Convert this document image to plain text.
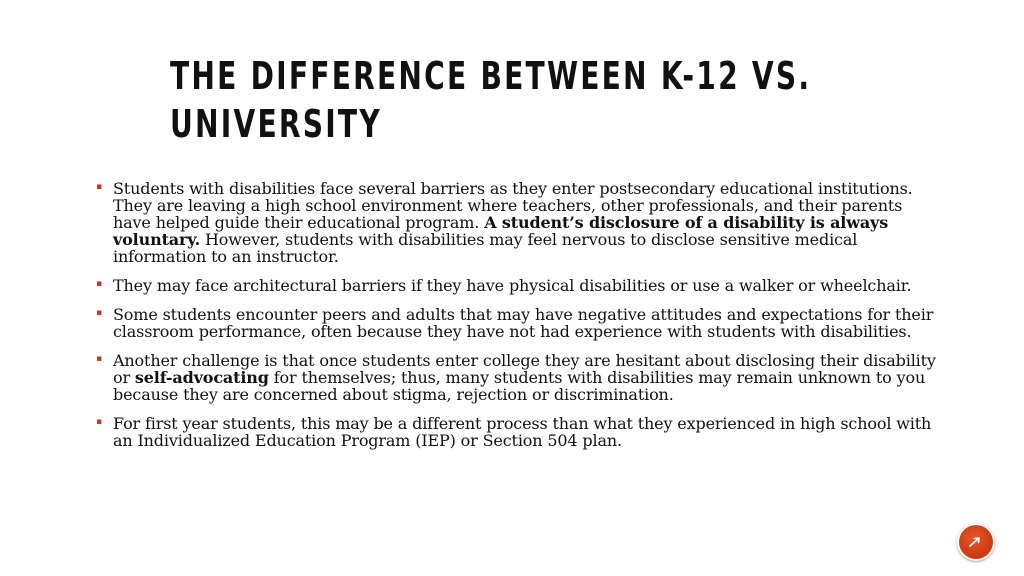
THE DIFFERENCE BETWEEN K-12 VS. UNIVERSITY
▪ Students with disabilities face several barriers as they enter postsecondary educational institutions. They are leaving a high school environment where teachers, other professionals, and their parents have helped guide their educational program. A student’s disclosure of a disability is always voluntary. However, students with disabilities may feel nervous to disclose sensitive medical information to an instructor.
▪ They may face architectural barriers if they have physical disabilities or use a walker or wheelchair.
▪ Some students encounter peers and adults that may have negative attitudes and expectations for their classroom performance, often because they have not had experience with students with disabilities.
▪ Another challenge is that once students enter college they are hesitant about disclosing their disability or self-advocating for themselves; thus, many students with disabilities may remain unknown to you because they are concerned about stigma, rejection or discrimination.
▪ For first year students, this may be a different process than what they experienced in high school with an Individualized Education Program (IEP) or Section 504 plan.
